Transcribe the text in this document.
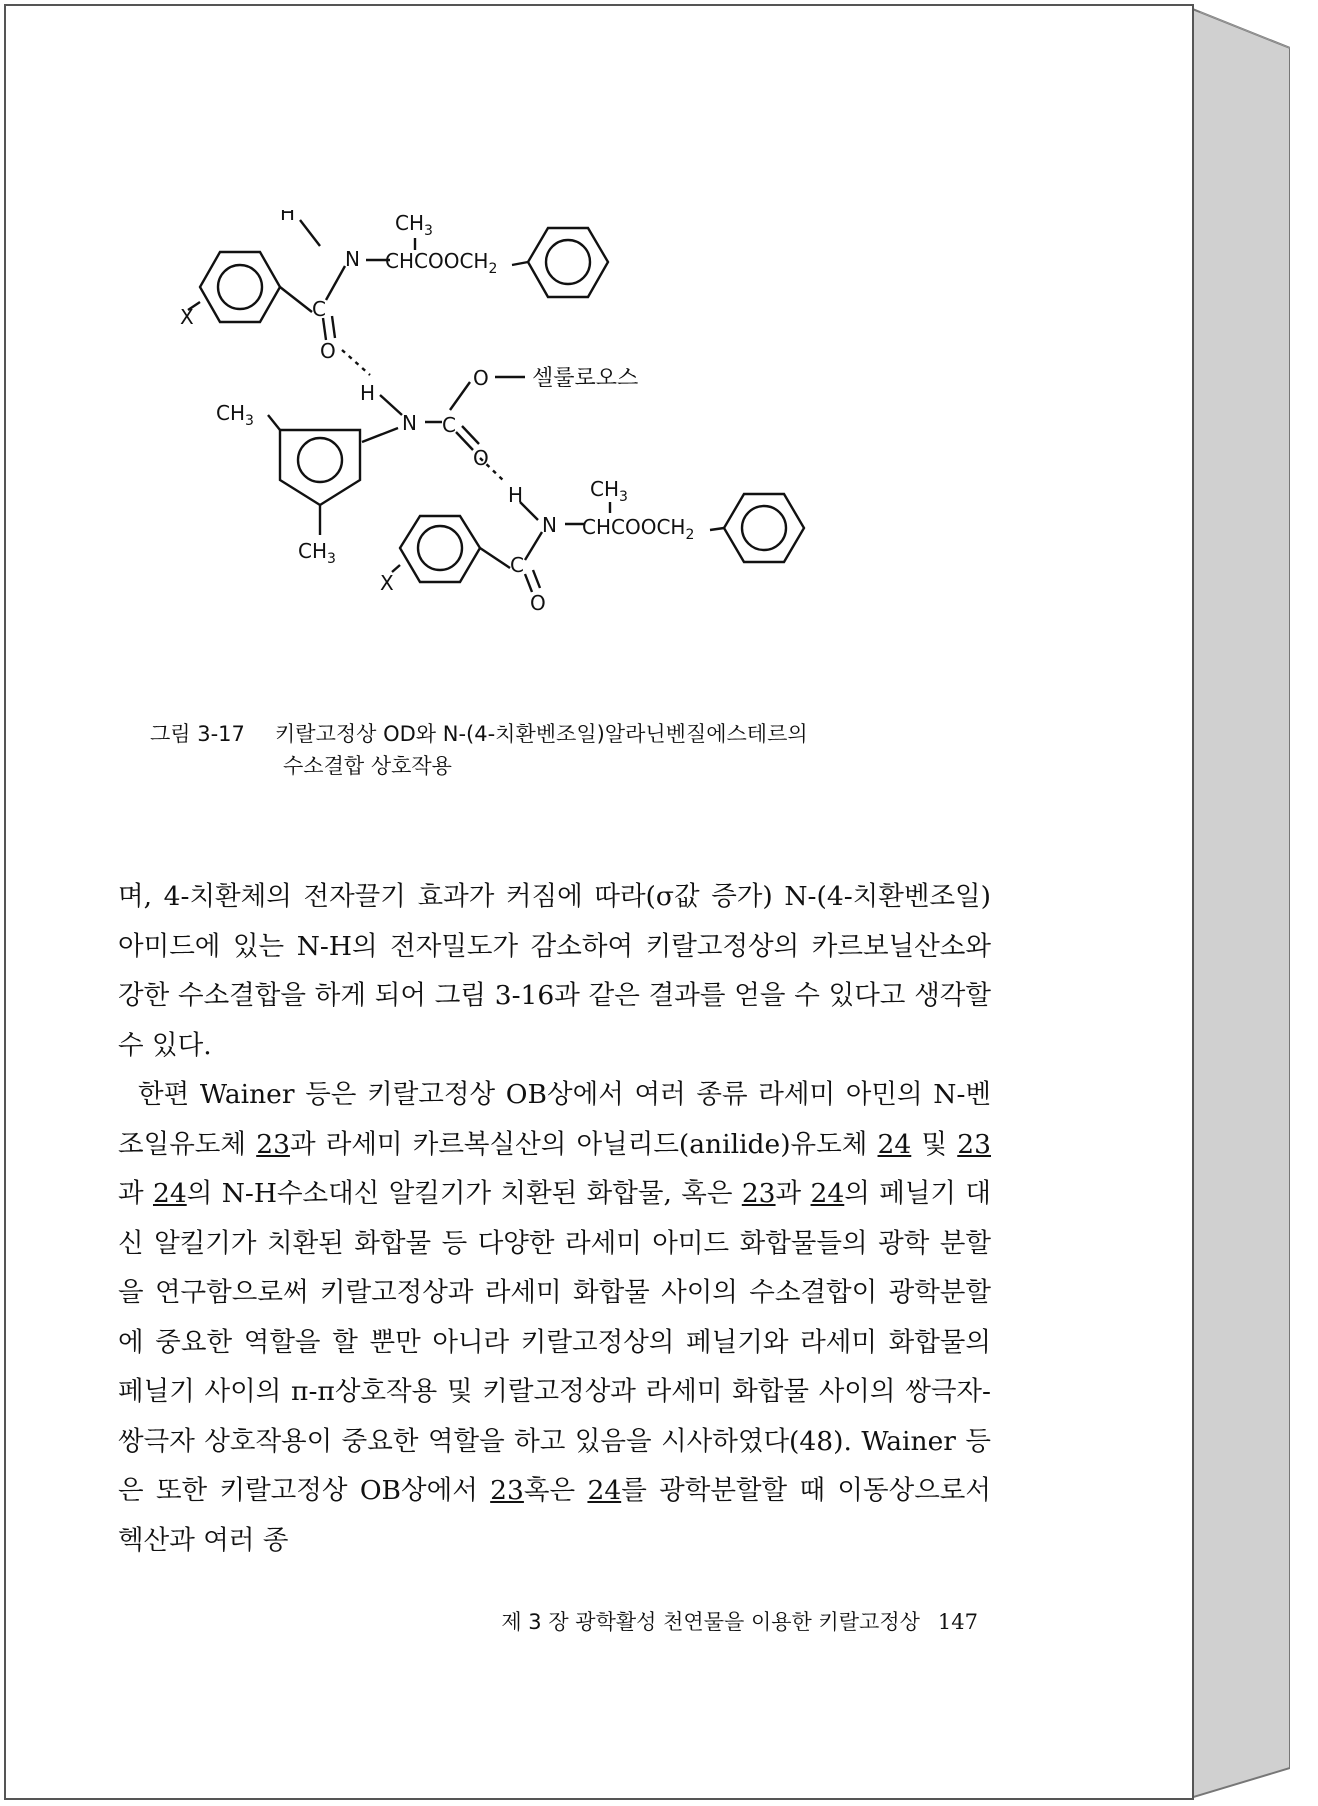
H	$CH_3$
N $CHCOOCH_2$
C
O
X
H
N C
O 셀룰로오스
O
$CH_3$
$CH_3$
H	$CH_3$
N $CHCOOCH_2$
C
O
X
그림 3-17 키랄고정상 OD와 N-(4-치환벤조일)알라닌벤질에스테르의
수소결합 상호작용

며, 4-치환체의 전자끌기 효과가 커짐에 따라(σ값 증가) N-(4-치환벤조일)아미드에 있는 N-H의 전자밀도가 감소하여 키랄고정상의 카르보닐산소와 강한 수소결합을 하게 되어 그림 3-16과 같은 결과를 얻을 수 있다고 생각할 수 있다.

한편 Wainer 등은 키랄고정상 OB상에서 여러 종류 라세미 아민의 N-벤조일유도체 23과 라세미 카르복실산의 아닐리드(anilide)유도체 24 및 23과 24의 N-H수소대신 알킬기가 치환된 화합물, 혹은 23과 24의 페닐기 대신 알킬기가 치환된 화합물 등 다양한 라세미 아미드 화합물들의 광학 분할을 연구함으로써 키랄고정상과 라세미 화합물 사이의 수소결합이 광학분할에 중요한 역할을 할 뿐만 아니라 키랄고정상의 페닐기와 라세미 화합물의 페닐기 사이의 π-π상호작용 및 키랄고정상과 라세미 화합물 사이의 쌍극자-쌍극자 상호작용이 중요한 역할을 하고 있음을 시사하였다(48). Wainer 등은 또한 키랄고정상 OB상에서 23혹은 24를 광학분할할 때 이동상으로서 헥산과 여러 종

제 3 장 광학활성 천연물을 이용한 키랄고정상 147
